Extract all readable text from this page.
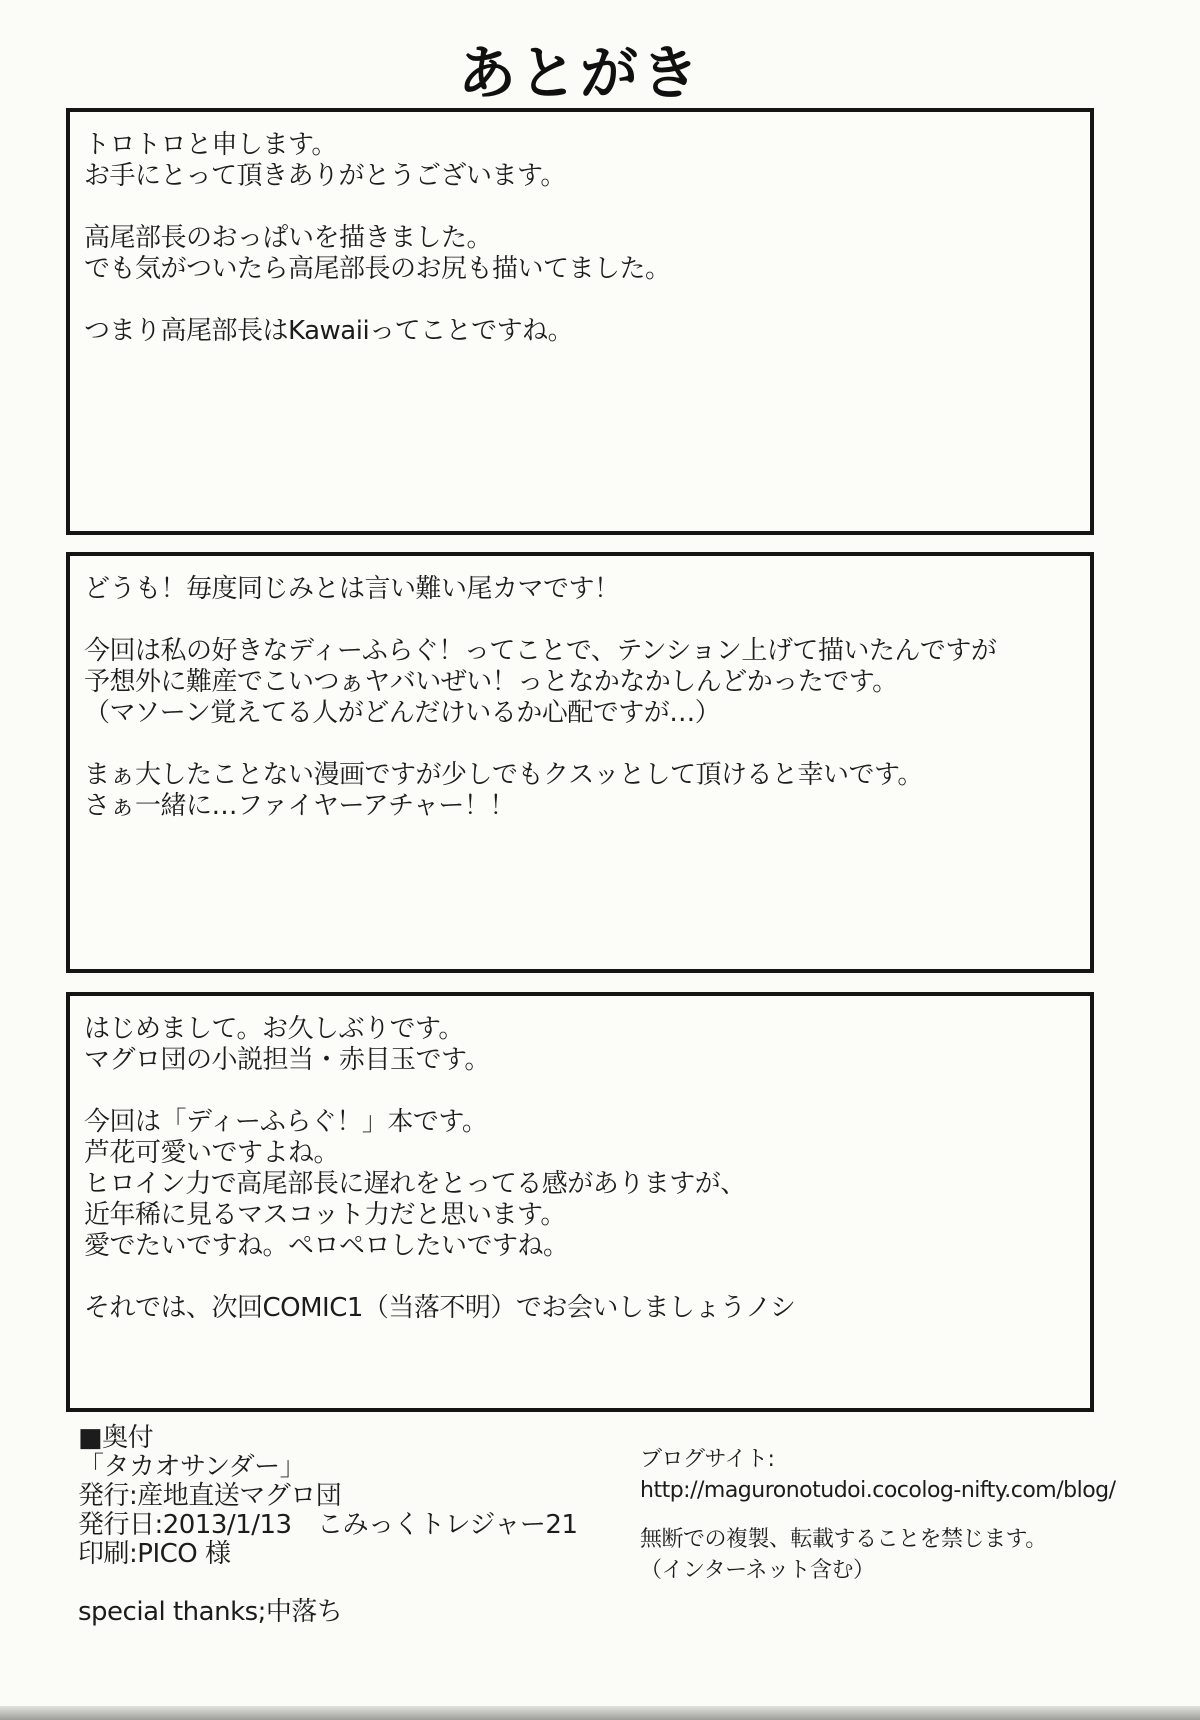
あとがき
トロトロと申します。
お手にとって頂きありがとうございます。
高尾部長のおっぱいを描きました。
でも気がついたら高尾部長のお尻も描いてました。
つまり高尾部長はKawaiiってことですね。
どうも！毎度同じみとは言い難い尾カマです！
今回は私の好きなディーふらぐ！ってことで、テンション上げて描いたんですが
予想外に難産でこいつぁヤバいぜい！っとなかなかしんどかったです。
（マソーン覚えてる人がどんだけいるか心配ですが…）
まぁ大したことない漫画ですが少しでもクスッとして頂けると幸いです。
さぁ一緒に…ファイヤーアチャー！！
はじめまして。お久しぶりです。
マグロ団の小説担当・赤目玉です。
今回は「ディーふらぐ！」本です。
芦花可愛いですよね。
ヒロイン力で高尾部長に遅れをとってる感がありますが、
近年稀に見るマスコット力だと思います。
愛でたいですね。ペロペロしたいですね。
それでは、次回COMIC1（当落不明）でお会いしましょうノシ
■奥付
「タカオサンダー」
発行:産地直送マグロ団
発行日:2013/1/13　こみっくトレジャー21
印刷:PICO 様
special thanks;中落ち
ブログサイト:
http://maguronotudoi.cocolog-nifty.com/blog/
無断での複製、転載することを禁じます。
（インターネット含む）
